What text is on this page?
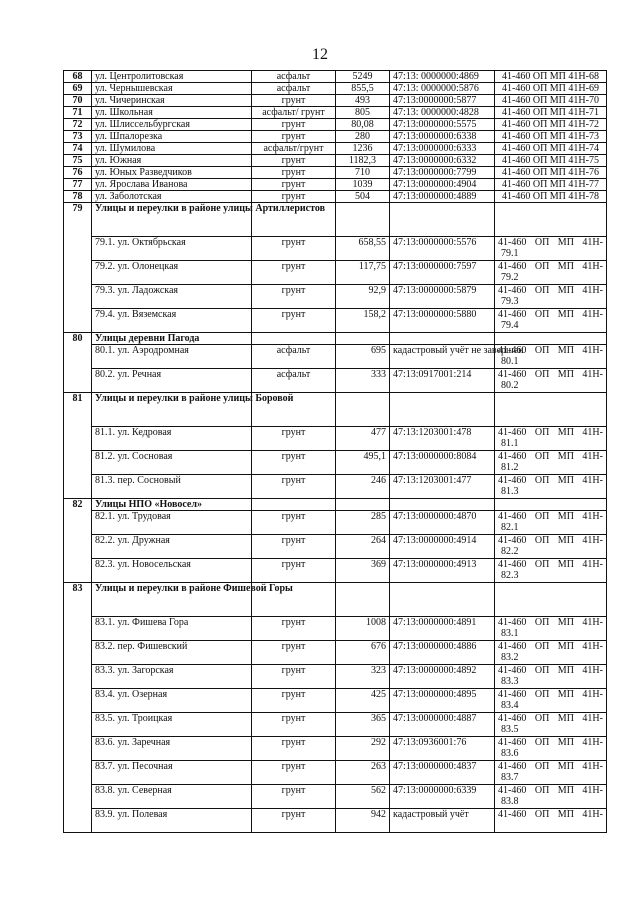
12
68	ул. Центролитовская	асфальт	5249	47:13: 0000000:4869	41-460 ОП МП 41Н-68
69	ул. Чернышевская	асфальт	855,5	47:13: 0000000:5876	41-460 ОП МП 41Н-69
70	ул. Чичеринская	грунт	493	47:13:0000000:5877	41-460 ОП МП 41Н-70
71	ул. Школьная	асфальт/ грунт	805	47:13: 0000000:4828	41-460 ОП МП 41Н-71
72	ул. Шлиссельбургская	грунт	80,08	47:13:0000000:5575	41-460 ОП МП 41Н-72
73	ул. Шпалорезка	грунт	280	47:13:0000000:6338	41-460 ОП МП 41Н-73
74	ул. Шумилова	асфальт/грунт	1236	47:13:0000000:6333	41-460 ОП МП 41Н-74
75	ул. Южная	грунт	1182,3	47:13:0000000:6332	41-460 ОП МП 41Н-75
76	ул. Юных Разведчиков	грунт	710	47:13:0000000:7799	41-460 ОП МП 41Н-76
77	ул. Ярослава Иванова	грунт	1039	47:13:0000000:4904	41-460 ОП МП 41Н-77
78	ул. Заболотская	грунт	504	47:13:0000000:4889	41-460 ОП МП 41Н-78
79	Улицы и переулки в районе улицы Артиллеристов				
	79.1. ул. Октябрьская	грунт	658,55	47:13:0000000:5576	41-460 ОП МП 41Н-
79.1

	79.2. ул. Олонецкая	грунт	117,75	47:13:0000000:7597	41-460 ОП МП 41Н-
79.2

	79.3. ул. Ладожская	грунт	92,9	47:13:0000000:5879	41-460 ОП МП 41Н-
79.3

	79.4. ул. Вяземская	грунт	158,2	47:13:0000000:5880	41-460 ОП МП 41Н-
79.4

80	Улицы деревни Пагода				
	80.1. ул. Аэродромная	асфальт	695	кадастровый учёт не завершен	41-460 ОП МП 41Н-
80.1

	80.2. ул. Речная	асфальт	333	47:13:0917001:214	41-460 ОП МП 41Н-
80.2

81	Улицы и переулки в районе улицы Боровой				
	81.1. ул. Кедровая	грунт	477	47:13:1203001:478	41-460 ОП МП 41Н-
81.1

	81.2. ул. Сосновая	грунт	495,1	47:13:0000000:8084	41-460 ОП МП 41Н-
81.2

	81.3. пер. Сосновый	грунт	246	47:13:1203001:477	41-460 ОП МП 41Н-
81.3

82	Улицы НПО «Новосел»				
	82.1. ул. Трудовая	грунт	285	47:13:0000000:4870	41-460 ОП МП 41Н-
82.1

	82.2. ул. Дружная	грунт	264	47:13:0000000:4914	41-460 ОП МП 41Н-
82.2

	82.3. ул. Новосельская	грунт	369	47:13:0000000:4913	41-460 ОП МП 41Н-
82.3

83	Улицы и переулки в районе Фишевой Горы				
	83.1. ул. Фишева Гора	грунт	1008	47:13:0000000:4891	41-460 ОП МП 41Н-
83.1

	83.2. пер. Фишевский	грунт	676	47:13:0000000:4886	41-460 ОП МП 41Н-
83.2

	83.3. ул. Загорская	грунт	323	47:13:0000000:4892	41-460 ОП МП 41Н-
83.3

	83.4. ул. Озерная	грунт	425	47:13:0000000:4895	41-460 ОП МП 41Н-
83.4

	83.5. ул. Троицкая	грунт	365	47:13:0000000:4887	41-460 ОП МП 41Н-
83.5

	83.6. ул. Заречная	грунт	292	47:13:0936001:76	41-460 ОП МП 41Н-
83.6

	83.7. ул. Песочная	грунт	263	47:13:0000000:4837	41-460 ОП МП 41Н-
83.7

	83.8. ул. Северная	грунт	562	47:13:0000000:6339	41-460 ОП МП 41Н-
83.8

	83.9. ул. Полевая	грунт	942	кадастровый учёт	41-460 ОП МП 41Н-
